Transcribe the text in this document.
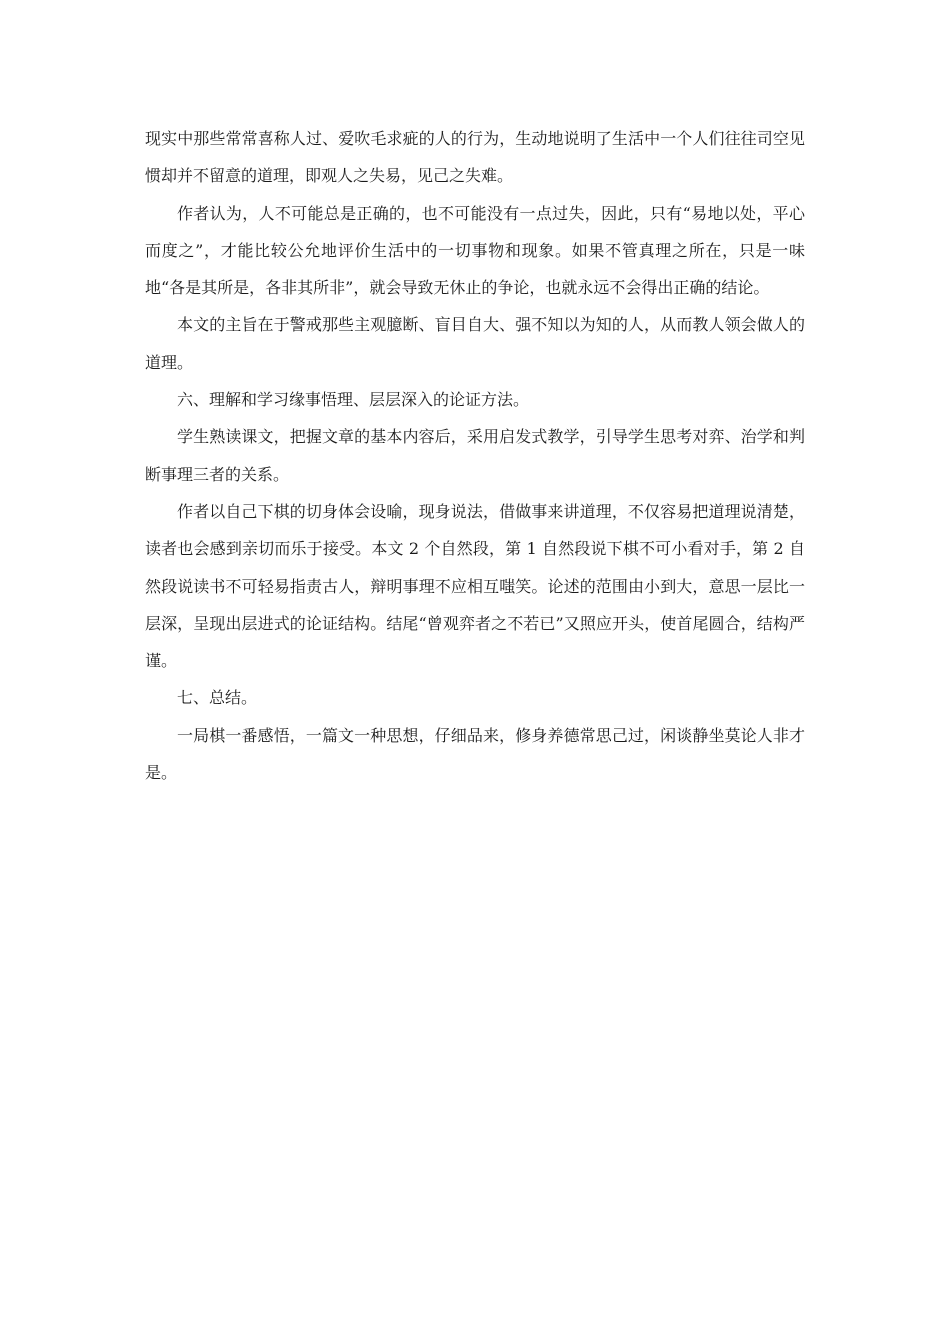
现实中那些常常喜称人过、爱吹毛求疵的人的行为，生动地说明了生活中一个人们往往司空见惯却并不留意的道理，即观人之失易，见己之失难。

作者认为，人不可能总是正确的，也不可能没有一点过失，因此，只有“易地以处，平心而度之”，才能比较公允地评价生活中的一切事物和现象。如果不管真理之所在，只是一味地“各是其所是，各非其所非”，就会导致无休止的争论，也就永远不会得出正确的结论。

本文的主旨在于警戒那些主观臆断、盲目自大、强不知以为知的人，从而教人领会做人的道理。

六、理解和学习缘事悟理、层层深入的论证方法。

学生熟读课文，把握文章的基本内容后，采用启发式教学，引导学生思考对弈、治学和判断事理三者的关系。

作者以自己下棋的切身体会设喻，现身说法，借做事来讲道理，不仅容易把道理说清楚，读者也会感到亲切而乐于接受。本文 2 个自然段，第 1 自然段说下棋不可小看对手，第 2 自然段说读书不可轻易指责古人，辩明事理不应相互嗤笑。论述的范围由小到大，意思一层比一层深，呈现出层进式的论证结构。结尾“曾观弈者之不若已”又照应开头，使首尾圆合，结构严谨。

七、总结。

一局棋一番感悟，一篇文一种思想，仔细品来，修身养德常思己过，闲谈静坐莫论人非才是。
